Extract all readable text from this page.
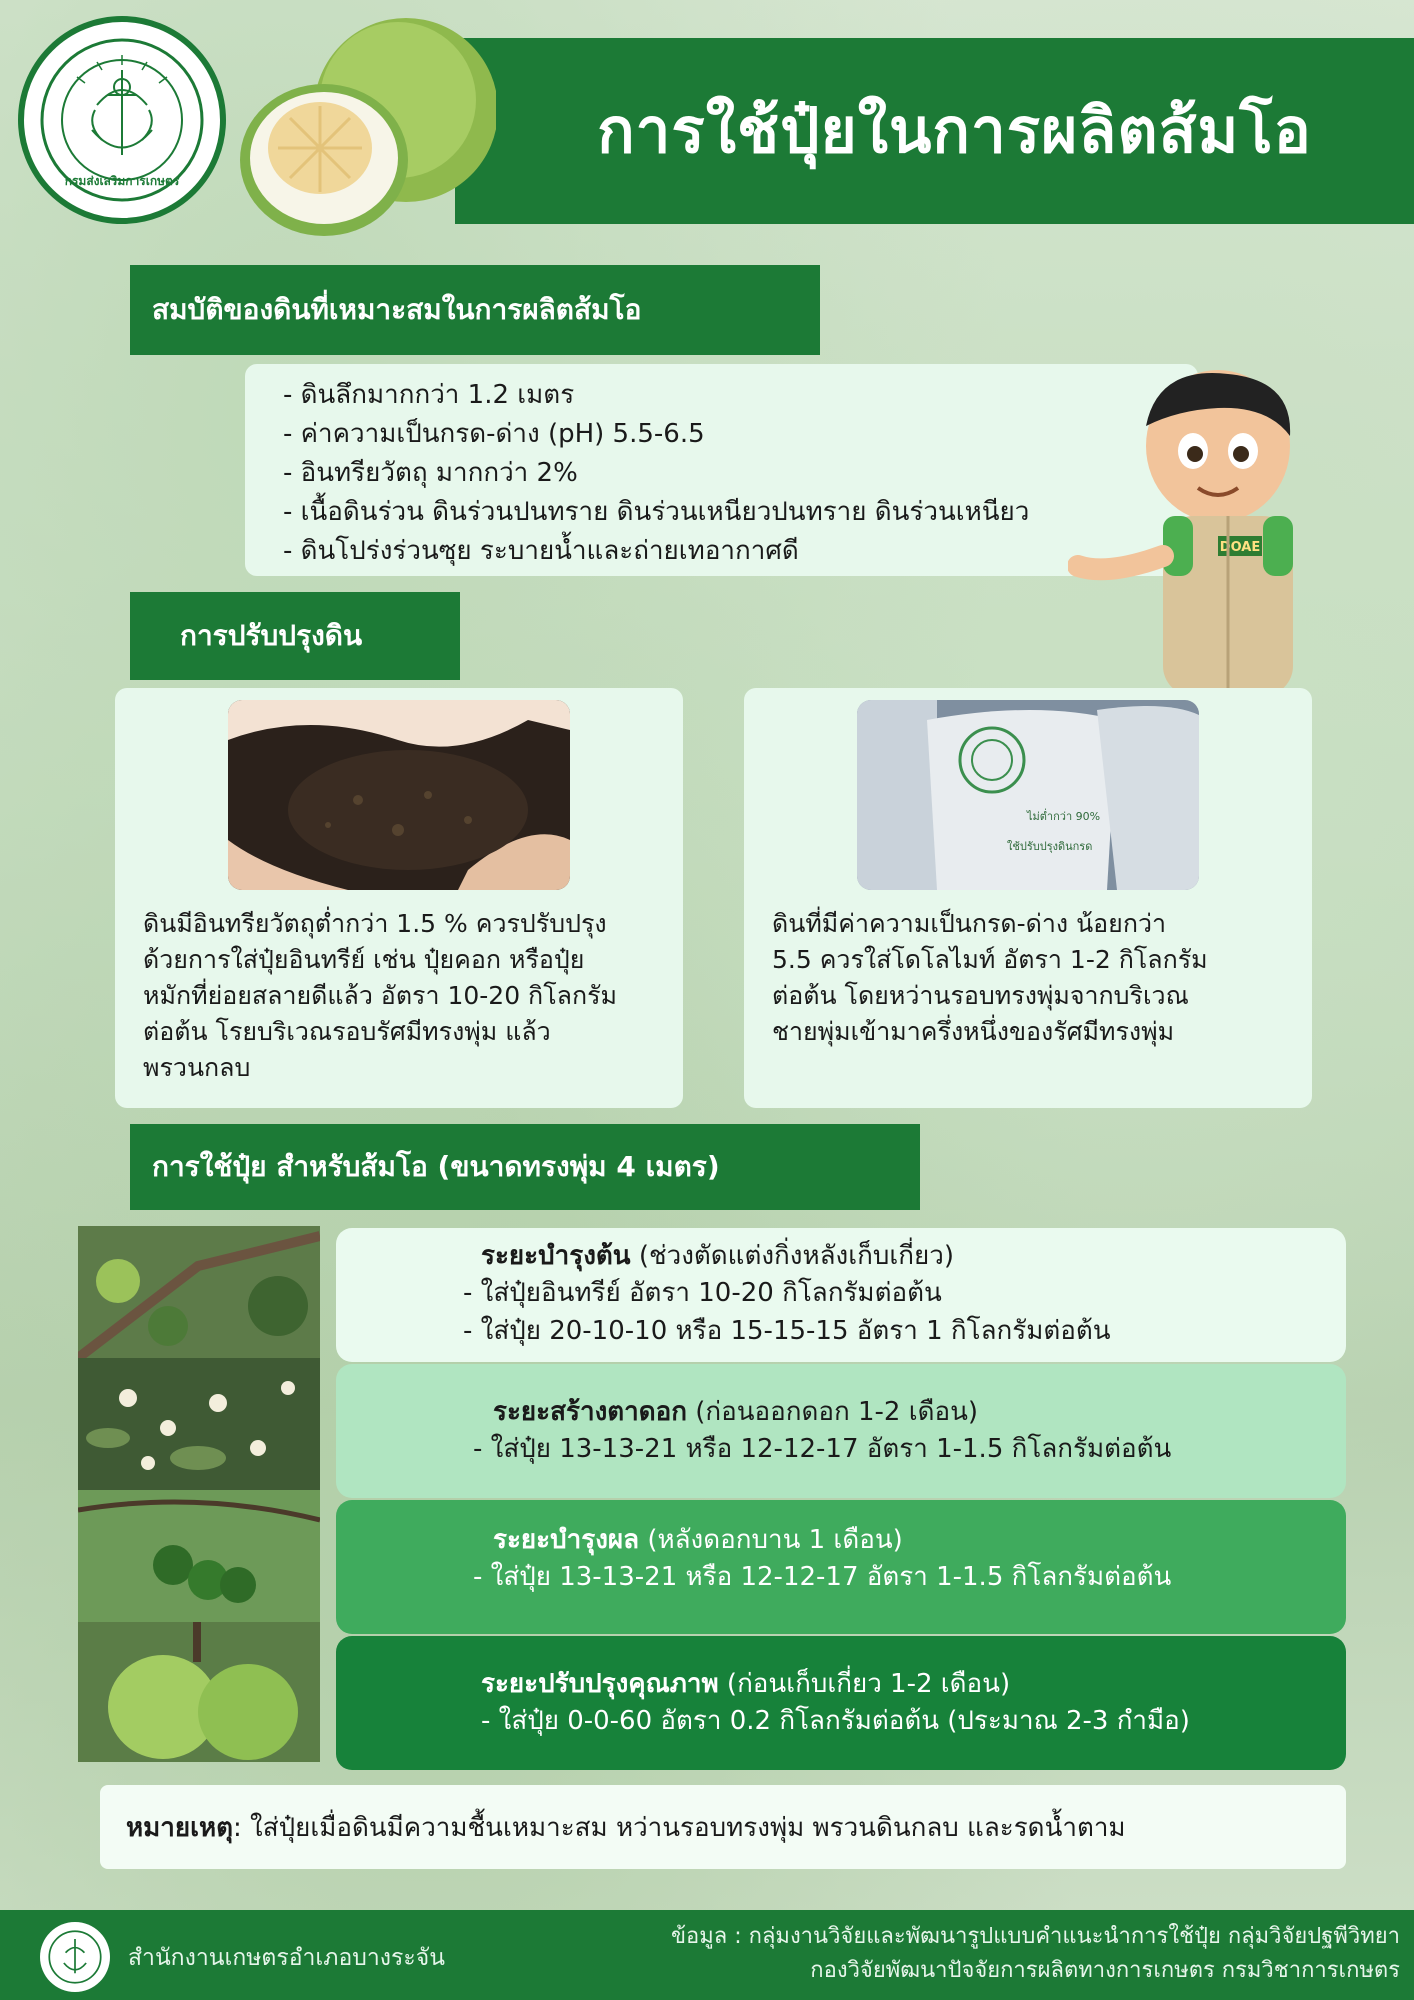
การใช้ปุ๋ยในการผลิตส้มโอ
กรมส่งเสริมการเกษตร
สมบัติของดินที่เหมาะสมในการผลิตส้มโอ
- ดินลึกมากกว่า 1.2 เมตร
- ค่าความเป็นกรด-ด่าง (pH) 5.5-6.5
- อินทรียวัตถุ มากกว่า 2%
- เนื้อดินร่วน ดินร่วนปนทราย ดินร่วนเหนียวปนทราย ดินร่วนเหนียว
- ดินโปร่งร่วนซุย ระบายน้ำและถ่ายเทอากาศดี	DOAE
การปรับปรุงดิน
ดินมีอินทรียวัตถุต่ำกว่า 1.5 % ควรปรับปรุง
ด้วยการใส่ปุ๋ยอินทรีย์ เช่น ปุ๋ยคอก หรือปุ๋ย
หมักที่ย่อยสลายดีแล้ว อัตรา 10-20 กิโลกรัม
ต่อต้น โรยบริเวณรอบรัศมีทรงพุ่ม แล้ว
พรวนกลบ
ไม่ต่ำกว่า 90%
ใช้ปรับปรุงดินกรด
ดินที่มีค่าความเป็นกรด-ด่าง น้อยกว่า
5.5 ควรใส่โดโลไมท์ อัตรา 1-2 กิโลกรัม
ต่อต้น โดยหว่านรอบทรงพุ่มจากบริเวณ
ชายพุ่มเข้ามาครึ่งหนึ่งของรัศมีทรงพุ่ม
การใช้ปุ๋ย สำหรับส้มโอ (ขนาดทรงพุ่ม 4 เมตร)
ระยะบำรุงต้น (ช่วงตัดแต่งกิ่งหลังเก็บเกี่ยว)
- ใส่ปุ๋ยอินทรีย์ อัตรา 10-20 กิโลกรัมต่อต้น
- ใส่ปุ๋ย 20-10-10 หรือ 15-15-15 อัตรา 1 กิโลกรัมต่อต้น
ระยะสร้างตาดอก (ก่อนออกดอก 1-2 เดือน)
- ใส่ปุ๋ย 13-13-21 หรือ 12-12-17 อัตรา 1-1.5 กิโลกรัมต่อต้น
ระยะบำรุงผล (หลังดอกบาน 1 เดือน)
- ใส่ปุ๋ย 13-13-21 หรือ 12-12-17 อัตรา 1-1.5 กิโลกรัมต่อต้น
ระยะปรับปรุงคุณภาพ (ก่อนเก็บเกี่ยว 1-2 เดือน)
- ใส่ปุ๋ย 0-0-60 อัตรา 0.2 กิโลกรัมต่อต้น (ประมาณ 2-3 กำมือ)
หมายเหตุ : ใส่ปุ๋ยเมื่อดินมีความชื้นเหมาะสม หว่านรอบทรงพุ่ม พรวนดินกลบ และรดน้ำตาม
สำนักงานเกษตรอำเภอบางระจัน
ข้อมูล : กลุ่มงานวิจัยและพัฒนารูปแบบคำแนะนำการใช้ปุ๋ย กลุ่มวิจัยปฐพีวิทยา
กองวิจัยพัฒนาปัจจัยการผลิตทางการเกษตร กรมวิชาการเกษตร
